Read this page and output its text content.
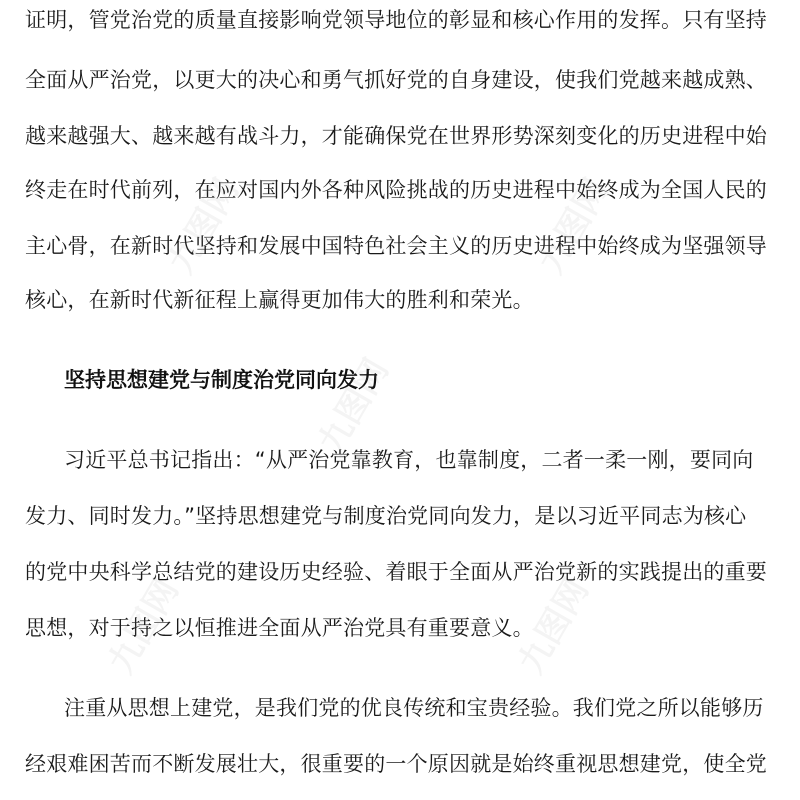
证明，管党治党的质量直接影响党领导地位的彰显和核心作用的发挥。只有坚持
全面从严治党，以更大的决心和勇气抓好党的自身建设，使我们党越来越成熟、
越来越强大、越来越有战斗力，才能确保党在世界形势深刻变化的历史进程中始
终走在时代前列，在应对国内外各种风险挑战的历史进程中始终成为全国人民的
主心骨，在新时代坚持和发展中国特色社会主义的历史进程中始终成为坚强领导
核心，在新时代新征程上赢得更加伟大的胜利和荣光。
坚持思想建党与制度治党同向发力
习近平总书记指出：“从严治党靠教育，也靠制度，二者一柔一刚，要同向
发力、同时发力。”坚持思想建党与制度治党同向发力，是以习近平同志为核心
的党中央科学总结党的建设历史经验、着眼于全面从严治党新的实践提出的重要
思想，对于持之以恒推进全面从严治党具有重要意义。
注重从思想上建党，是我们党的优良传统和宝贵经验。我们党之所以能够历
经艰难困苦而不断发展壮大，很重要的一个原因就是始终重视思想建党，使全党
九图网	九图网
九图网
九图网	九图网
